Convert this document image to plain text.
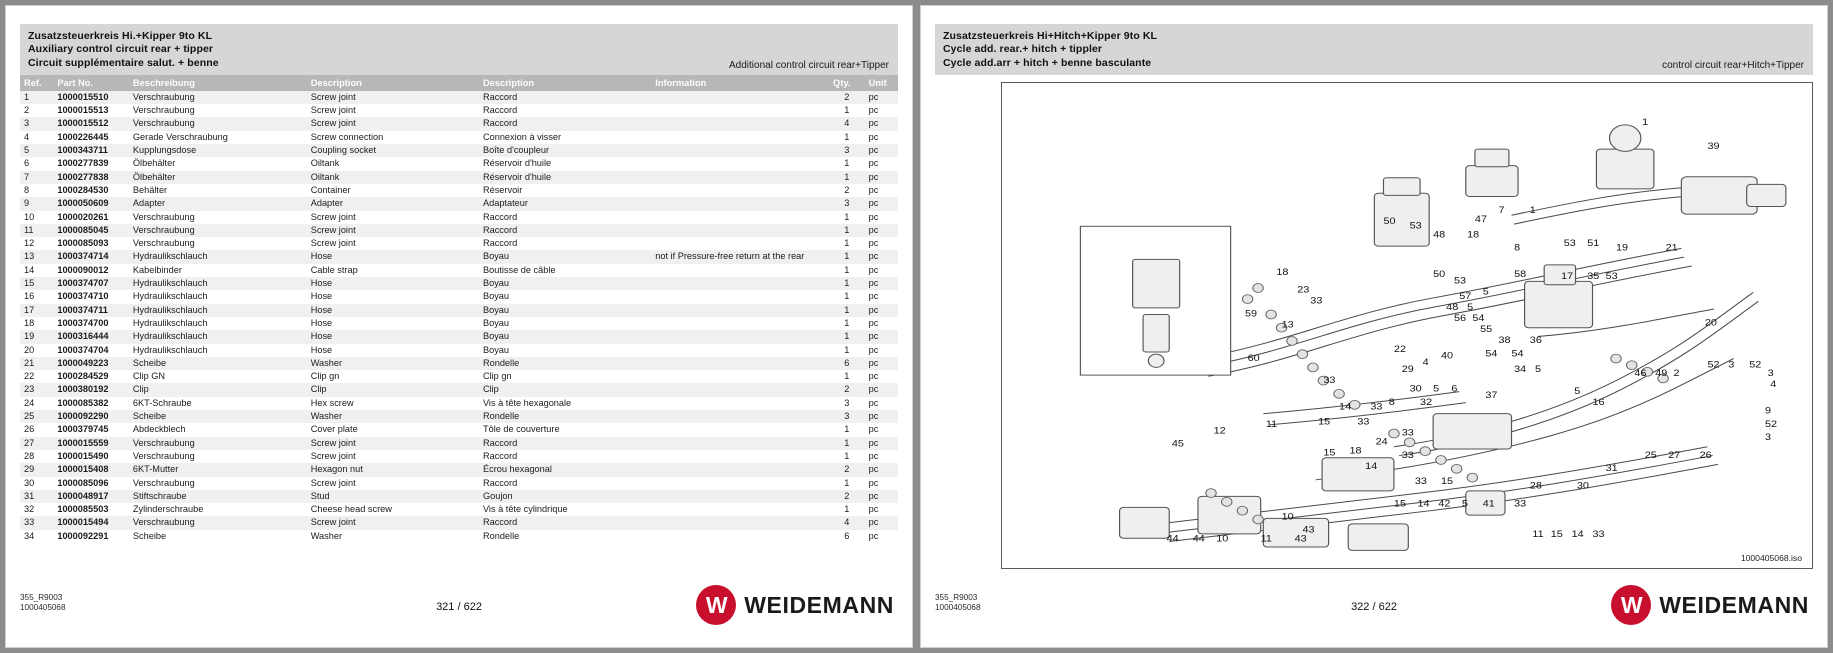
Zusatzsteuerkreis Hi.+Kipper 9to KL
Auxiliary control circuit rear + tipper
Circuit supplémentaire salut. + benne	Additional control circuit rear+Tipper
Ref.	Part No.	Beschreibung	Description	Description	Information	Qty.	Unit
1	1000015510	Verschraubung	Screw joint	Raccord		2	pc
2	1000015513	Verschraubung	Screw joint	Raccord		1	pc
3	1000015512	Verschraubung	Screw joint	Raccord		4	pc
4	1000226445	Gerade Verschraubung	Screw connection	Connexion à visser		1	pc
5	1000343711	Kupplungsdose	Coupling socket	Boîte d'coupleur		3	pc
6	1000277839	Ölbehälter	Oiltank	Réservoir d'huile		1	pc
7	1000277838	Ölbehälter	Oiltank	Réservoir d'huile		1	pc
8	1000284530	Behälter	Container	Réservoir		2	pc
9	1000050609	Adapter	Adapter	Adaptateur		3	pc
10	1000020261	Verschraubung	Screw joint	Raccord		1	pc
11	1000085045	Verschraubung	Screw joint	Raccord		1	pc
12	1000085093	Verschraubung	Screw joint	Raccord		1	pc
13	1000374714	Hydraulikschlauch	Hose	Boyau	not if Pressure-free return at the rear	1	pc
14	1000090012	Kabelbinder	Cable strap	Boutisse de câble		1	pc
15	1000374707	Hydraulikschlauch	Hose	Boyau		1	pc
16	1000374710	Hydraulikschlauch	Hose	Boyau		1	pc
17	1000374711	Hydraulikschlauch	Hose	Boyau		1	pc
18	1000374700	Hydraulikschlauch	Hose	Boyau		1	pc
19	1000316444	Hydraulikschlauch	Hose	Boyau		1	pc
20	1000374704	Hydraulikschlauch	Hose	Boyau		1	pc
21	1000049223	Scheibe	Washer	Rondelle		6	pc
22	1000284529	Clip GN	Clip gn	Clip gn		1	pc
23	1000380192	Clip	Clip	Clip		2	pc
24	1000085382	6KT-Schraube	Hex screw	Vis à tête hexagonale		3	pc
25	1000092290	Scheibe	Washer	Rondelle		3	pc
26	1000379745	Abdeckblech	Cover plate	Tôle de couverture		1	pc
27	1000015559	Verschraubung	Screw joint	Raccord		1	pc
28	1000015490	Verschraubung	Screw joint	Raccord		1	pc
29	1000015408	6KT-Mutter	Hexagon nut	Écrou hexagonal		2	pc
30	1000085096	Verschraubung	Screw joint	Raccord		1	pc
31	1000048917	Stiftschraube	Stud	Goujon		2	pc
32	1000085503	Zylinderschraube	Cheese head screw	Vis à tête cylindrique		1	pc
33	1000015494	Verschraubung	Screw joint	Raccord		4	pc
34	1000092291	Scheibe	Washer	Rondelle		6	pc
355_R9003
1000405068	321 / 622	W WEIDEMANN
Zusatzsteuerkreis Hi+Hitch+Kipper 9to KL
Cycle add. rear.+ hitch + tippler
Cycle add.arr + hitch + benne basculante	control circuit rear+Hitch+Tipper
1
39
7	1
18
8
50 53
48
47
53 51 19	21
17 35 53
58
50
53
57 5
48 5
56 54
55
38 36
20
22	54 54
29
4
40
34 5	46 49 2
52 3 52
3
4
33
30 5 6
8	32
37	5
16
14 33
15	33
11
12
45
33
24
18
15	33
14
9
52
3
25 27 26
31
28	30
33 15
15 14 42 5 41 33
10
43
44 44 10	11	43	11 15 14 33
59
60
13
18
23
33
1000405068.iso
355_R9003
1000405068	322 / 622	W WEIDEMANN
